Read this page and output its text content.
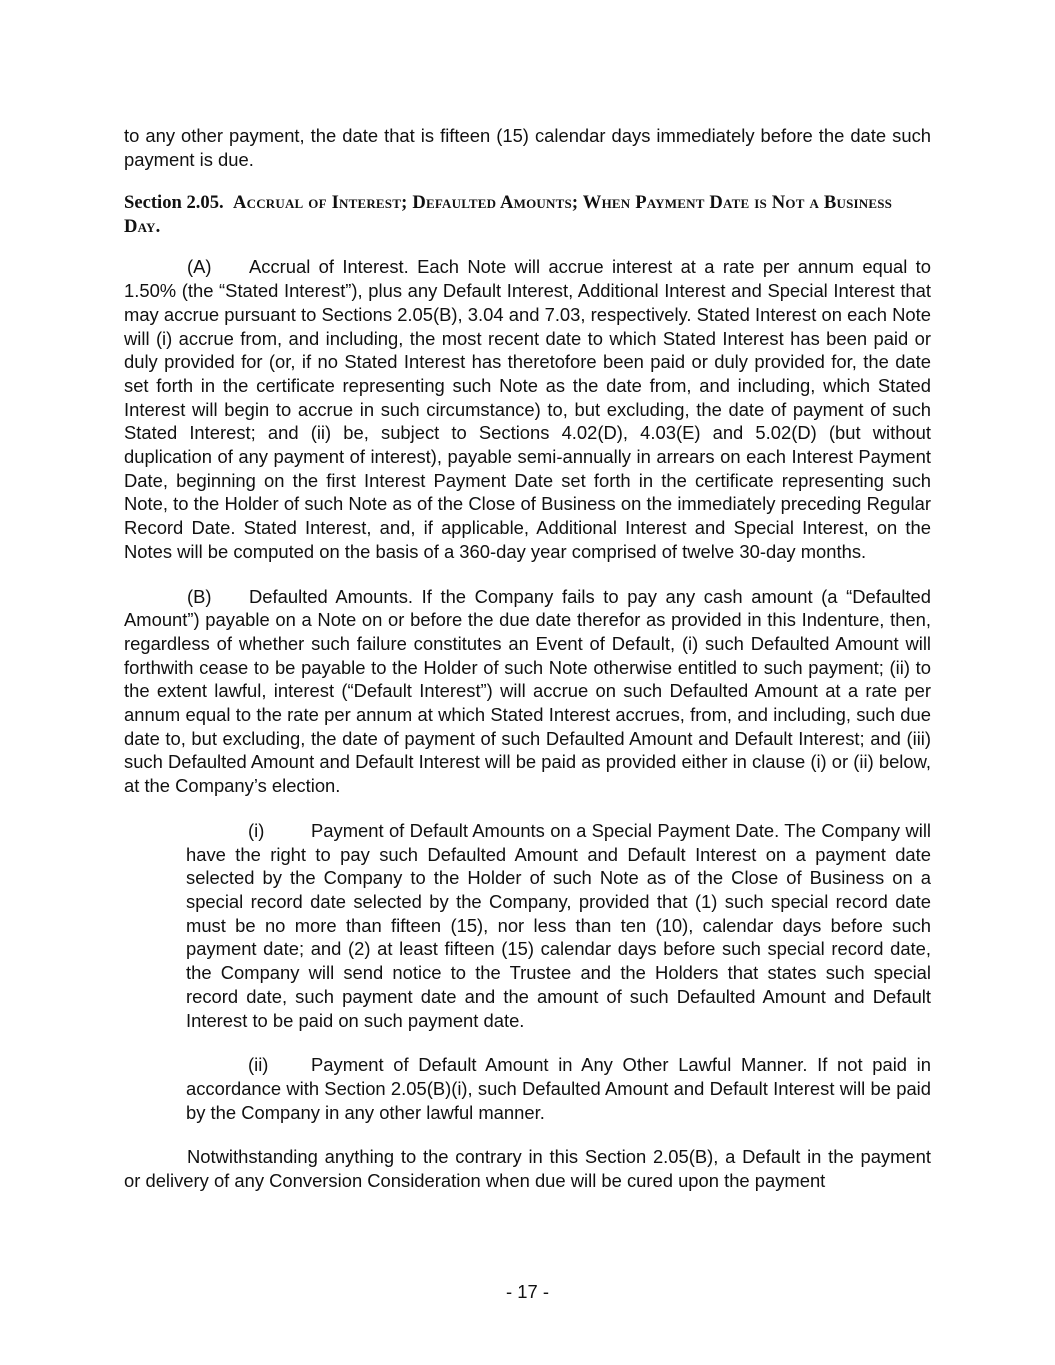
to any other payment, the date that is fifteen (15) calendar days immediately before the date such payment is due.

Section 2.05. Accrual of Interest; Defaulted Amounts; When Payment Date is Not a Business Day.

(A) Accrual of Interest. Each Note will accrue interest at a rate per annum equal to 1.50% (the “Stated Interest”), plus any Default Interest, Additional Interest and Special Interest that may accrue pursuant to Sections 2.05(B), 3.04 and 7.03, respectively. Stated Interest on each Note will (i) accrue from, and including, the most recent date to which Stated Interest has been paid or duly provided for (or, if no Stated Interest has theretofore been paid or duly provided for, the date set forth in the certificate representing such Note as the date from, and including, which Stated Interest will begin to accrue in such circumstance) to, but excluding, the date of payment of such Stated Interest; and (ii) be, subject to Sections 4.02(D), 4.03(E) and 5.02(D) (but without duplication of any payment of interest), payable semi-annually in arrears on each Interest Payment Date, beginning on the first Interest Payment Date set forth in the certificate representing such Note, to the Holder of such Note as of the Close of Business on the immediately preceding Regular Record Date. Stated Interest, and, if applicable, Additional Interest and Special Interest, on the Notes will be computed on the basis of a 360-day year comprised of twelve 30-day months.

(B) Defaulted Amounts. If the Company fails to pay any cash amount (a “Defaulted Amount”) payable on a Note on or before the due date therefor as provided in this Indenture, then, regardless of whether such failure constitutes an Event of Default, (i) such Defaulted Amount will forthwith cease to be payable to the Holder of such Note otherwise entitled to such payment; (ii) to the extent lawful, interest (“Default Interest”) will accrue on such Defaulted Amount at a rate per annum equal to the rate per annum at which Stated Interest accrues, from, and including, such due date to, but excluding, the date of payment of such Defaulted Amount and Default Interest; and (iii) such Defaulted Amount and Default Interest will be paid as provided either in clause (i) or (ii) below, at the Company’s election.

(i)	Payment of Default Amounts on a Special Payment Date. The Company will have the right to pay such Defaulted Amount and Default Interest on a payment date selected by the Company to the Holder of such Note as of the Close of Business on a special record date selected by the Company, provided that (1) such special record date must be no more than fifteen (15), nor less than ten (10), calendar days before such payment date; and (2) at least fifteen (15) calendar days before such special record date, the Company will send notice to the Trustee and the Holders that states such special record date, such payment date and the amount of such Defaulted Amount and Default Interest to be paid on such payment date.

(ii) Payment of Default Amount in Any Other Lawful Manner. If not paid in accordance with Section 2.05(B)(i), such Defaulted Amount and Default Interest will be paid by the Company in any other lawful manner.

Notwithstanding anything to the contrary in this Section 2.05(B), a Default in the payment or delivery of any Conversion Consideration when due will be cured upon the payment

- 17 -
